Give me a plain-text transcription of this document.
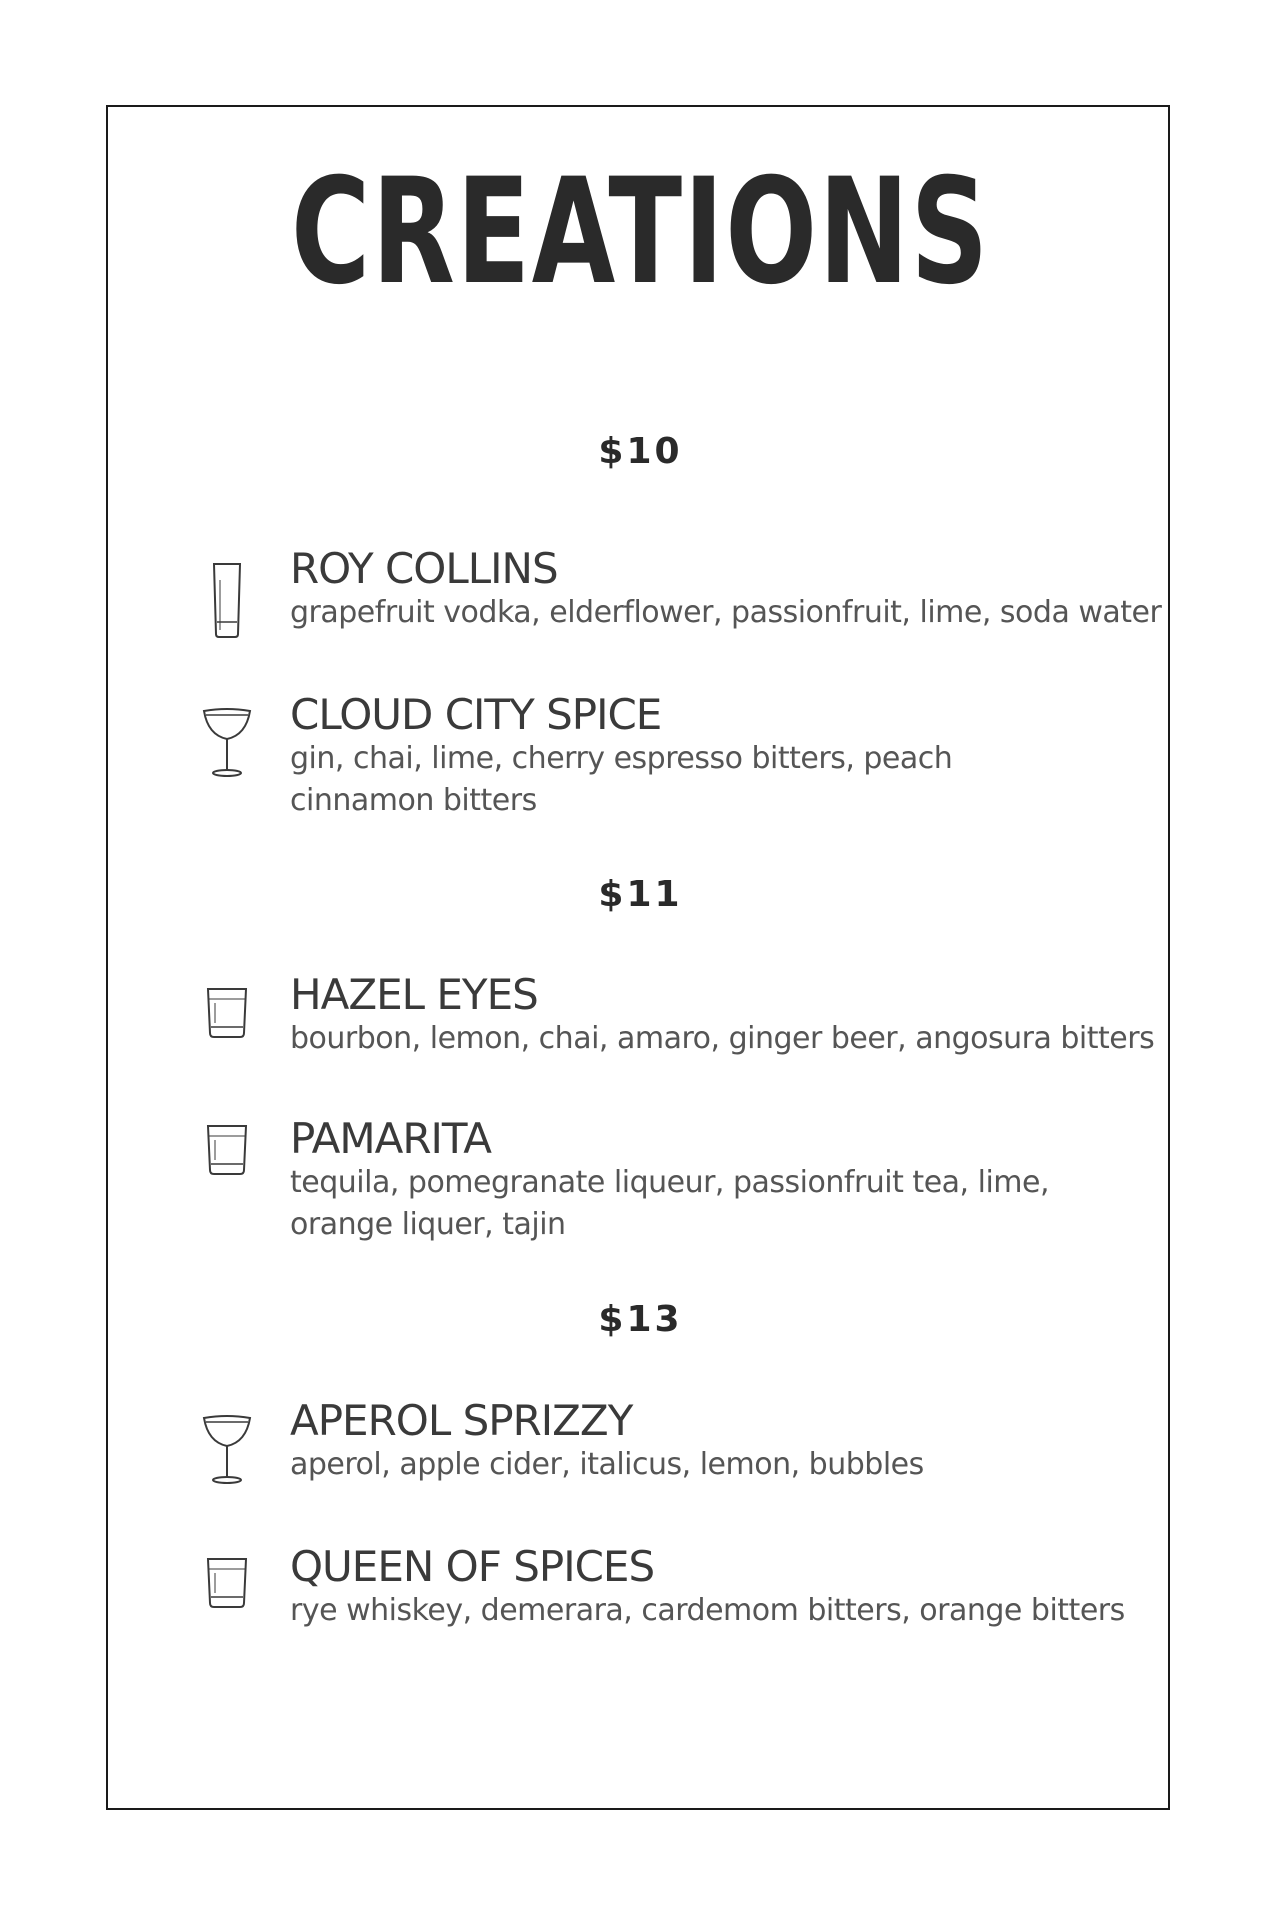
CREATIONS
$10
ROY COLLINS
grapefruit vodka, elderflower, passionfruit, lime, soda water
CLOUD CITY SPICE
gin, chai, lime, cherry espresso bitters, peach
cinnamon bitters
$11
HAZEL EYES
bourbon, lemon, chai, amaro, ginger beer, angosura bitters
PAMARITA
tequila, pomegranate liqueur, passionfruit tea, lime,
orange liquer, tajin
$13
APEROL SPRIZZY
aperol, apple cider, italicus, lemon, bubbles
QUEEN OF SPICES
rye whiskey, demerara, cardemom bitters, orange bitters
